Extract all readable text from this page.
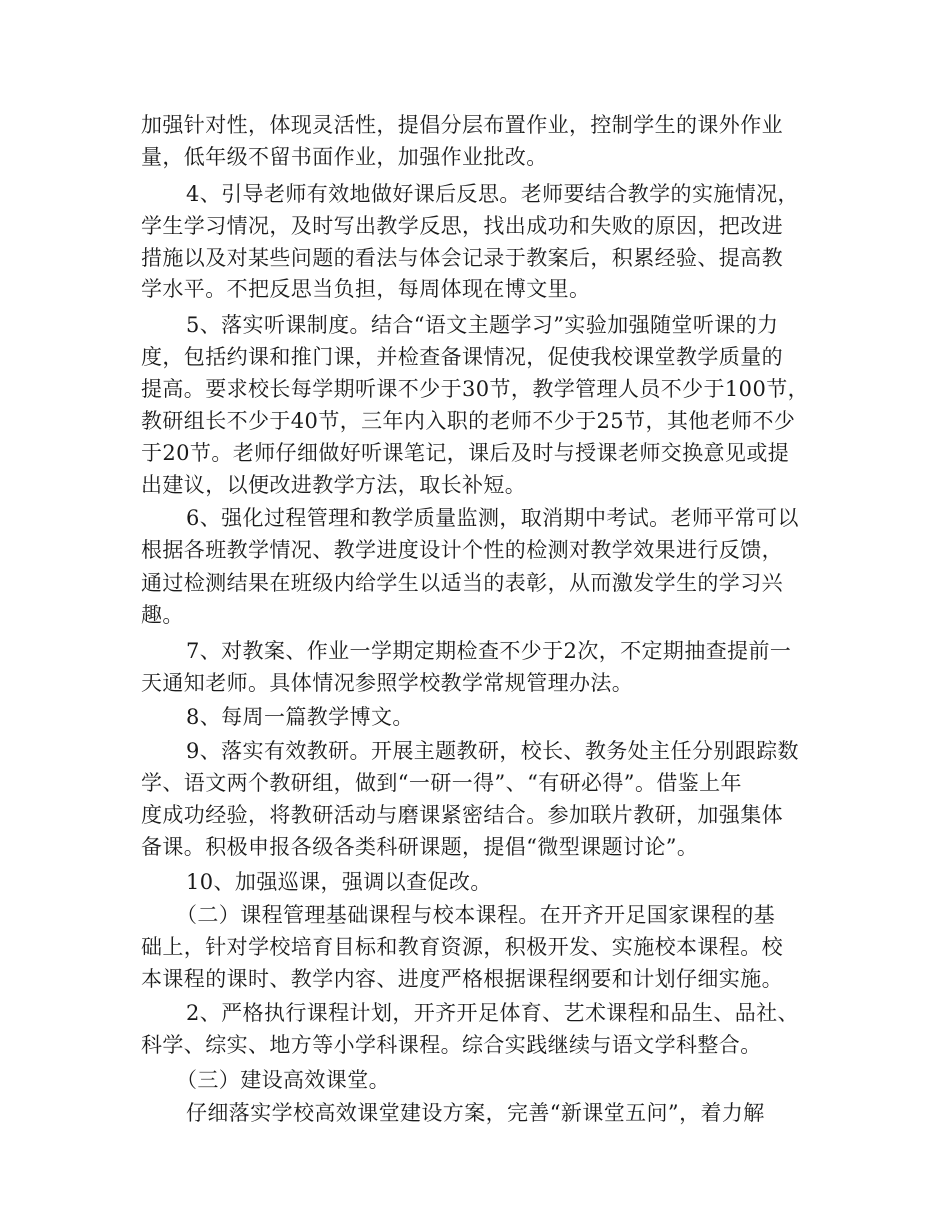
加强针对性，体现灵活性，提倡分层布置作业，控制学生的课外作业
量，低年级不留书面作业，加强作业批改。
4、引导老师有效地做好课后反思。老师要结合教学的实施情况，
学生学习情况，及时写出教学反思，找出成功和失败的原因，把改进
措施以及对某些问题的看法与体会记录于教案后，积累经验、提高教
学水平。不把反思当负担，每周体现在博文里。
5、落实听课制度。结合“语文主题学习”实验加强随堂听课的力
度，包括约课和推门课，并检查备课情况，促使我校课堂教学质量的
提高。要求校长每学期听课不少于30节，教学管理人员不少于100节，
教研组长不少于40节，三年内入职的老师不少于25节，其他老师不少
于20节。老师仔细做好听课笔记，课后及时与授课老师交换意见或提
出建议，以便改进教学方法，取长补短。
6、强化过程管理和教学质量监测，取消期中考试。老师平常可以
根据各班教学情况、教学进度设计个性的检测对教学效果进行反馈，
通过检测结果在班级内给学生以适当的表彰，从而激发学生的学习兴
趣。
7、对教案、作业一学期定期检查不少于2次，不定期抽查提前一
天通知老师。具体情况参照学校教学常规管理办法。
8、每周一篇教学博文。
9、落实有效教研。开展主题教研，校长、教务处主任分别跟踪数
学、语文两个教研组，做到“一研一得”、“有研必得”。借鉴上年
度成功经验，将教研活动与磨课紧密结合。参加联片教研，加强集体
备课。积极申报各级各类科研课题，提倡“微型课题讨论”。
10、加强巡课，强调以查促改。
（二）课程管理基础课程与校本课程。在开齐开足国家课程的基
础上，针对学校培育目标和教育资源，积极开发、实施校本课程。校
本课程的课时、教学内容、进度严格根据课程纲要和计划仔细实施。
2、严格执行课程计划，开齐开足体育、艺术课程和品生、品社、
科学、综实、地方等小学科课程。综合实践继续与语文学科整合。
（三）建设高效课堂。
仔细落实学校高效课堂建设方案，完善“新课堂五问”，着力解
